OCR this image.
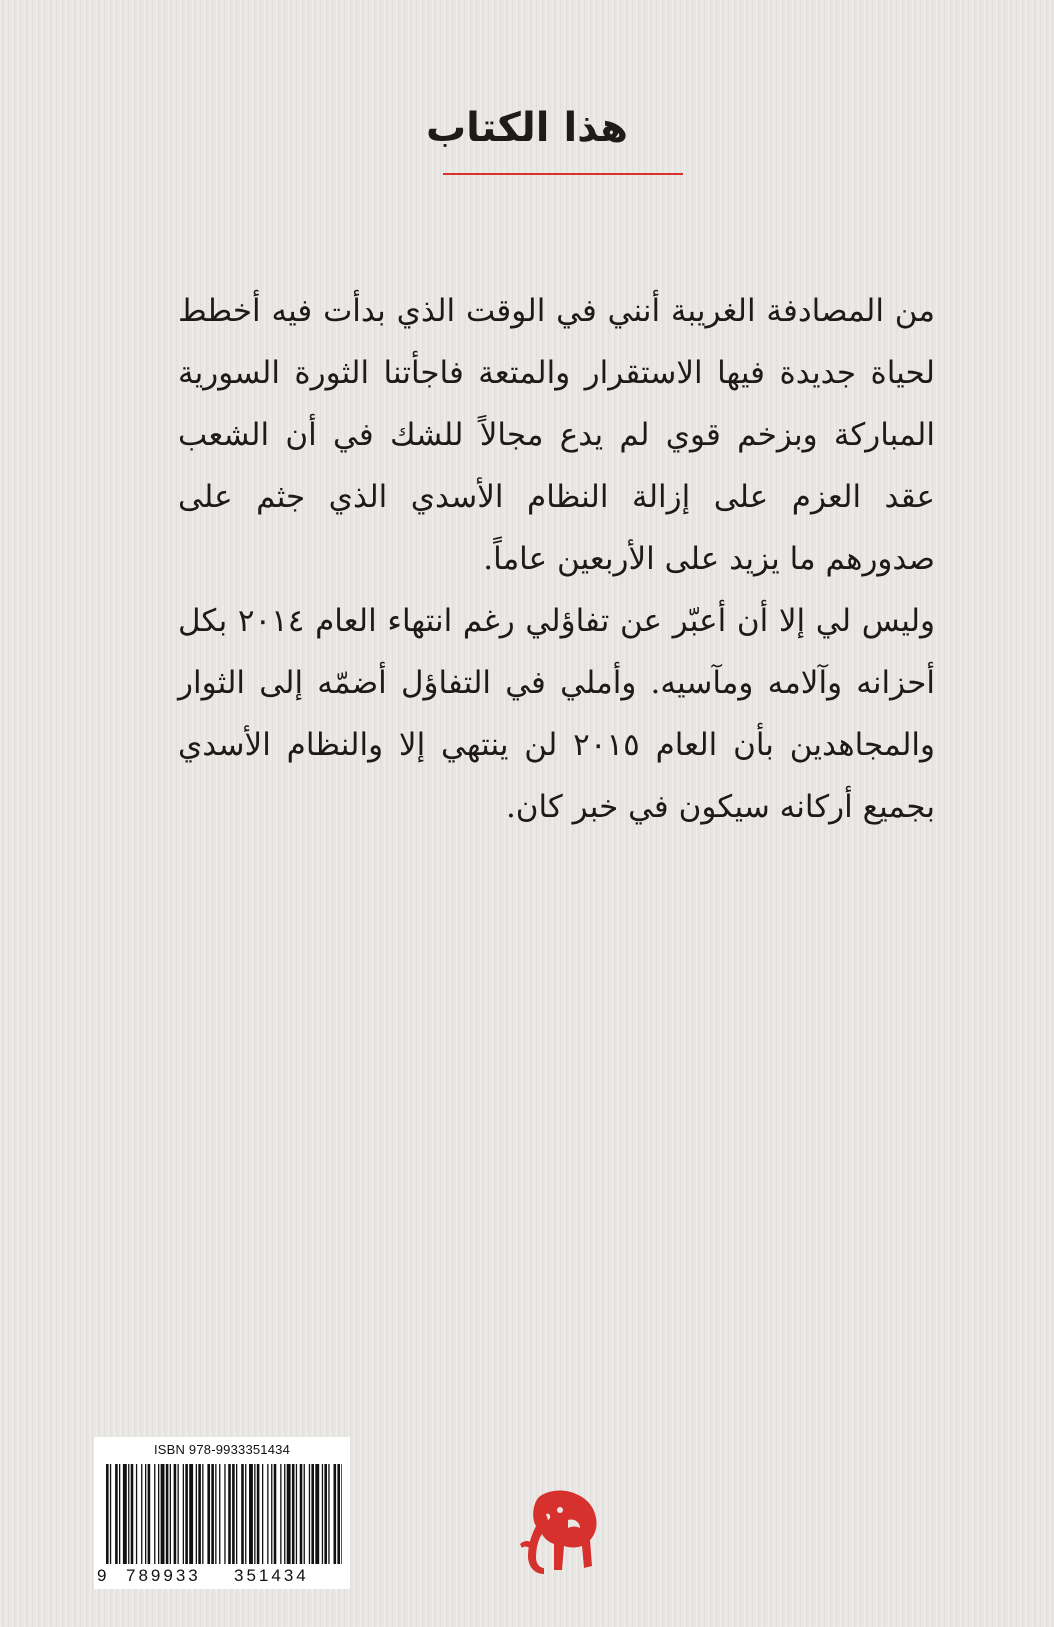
هذا الكتاب

من المصادفة الغريبة أنني في الوقت الذي بدأت فيه أخطط لحياة جديدة فيها الاستقرار والمتعة فاجأتنا الثورة السورية المباركة وبزخم قوي لم يدع مجالاً للشك في أن الشعب عقد العزم على إزالة النظام الأسدي الذي جثم على صدورهم ما يزيد على الأربعين عاماً.

وليس لي إلا أن أعبّر عن تفاؤلي رغم انتهاء العام ٢٠١٤ بكل أحزانه وآلامه ومآسيه. وأملي في التفاؤل أضمّه إلى الثوار والمجاهدين بأن العام ٢٠١٥ لن ينتهي إلا والنظام الأسدي بجميع أركانه سيكون في خبر كان.

ISBN 978-9933351434
9 789933 351434
